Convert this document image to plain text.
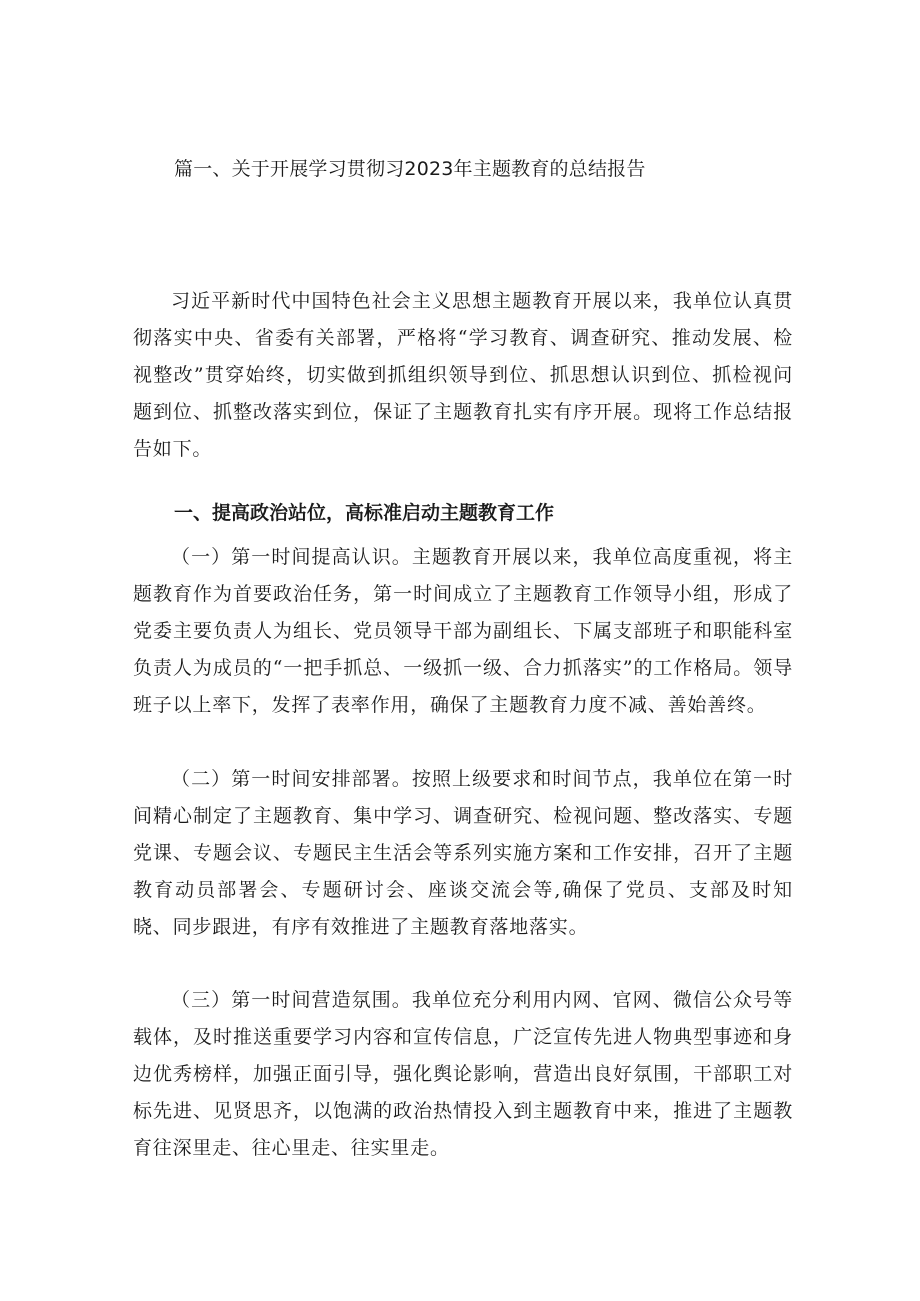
篇一、关于开展学习贯彻习2023年主题教育的总结报告

习近平新时代中国特色社会主义思想主题教育开展以来，我单位认真贯彻落实中央、省委有关部署，严格将“学习教育、调查研究、推动发展、检视整改”贯穿始终，切实做到抓组织领导到位、抓思想认识到位、抓检视问题到位、抓整改落实到位，保证了主题教育扎实有序开展。现将工作总结报告如下。

一、提高政治站位，高标准启动主题教育工作

（一）第一时间提高认识。主题教育开展以来，我单位高度重视，将主题教育作为首要政治任务，第一时间成立了主题教育工作领导小组，形成了党委主要负责人为组长、党员领导干部为副组长、下属支部班子和职能科室负责人为成员的“一把手抓总、一级抓一级、合力抓落实”的工作格局。领导班子以上率下，发挥了表率作用，确保了主题教育力度不减、善始善终。

（二）第一时间安排部署。按照上级要求和时间节点，我单位在第一时间精心制定了主题教育、集中学习、调查研究、检视问题、整改落实、专题党课、专题会议、专题民主生活会等系列实施方案和工作安排，召开了主题教育动员部署会、专题研讨会、座谈交流会等,确保了党员、支部及时知晓、同步跟进，有序有效推进了主题教育落地落实。

（三）第一时间营造氛围。我单位充分利用内网、官网、微信公众号等载体，及时推送重要学习内容和宣传信息，广泛宣传先进人物典型事迹和身边优秀榜样，加强正面引导，强化舆论影响，营造出良好氛围，干部职工对标先进、见贤思齐，以饱满的政治热情投入到主题教育中来，推进了主题教育往深里走、往心里走、往实里走。
